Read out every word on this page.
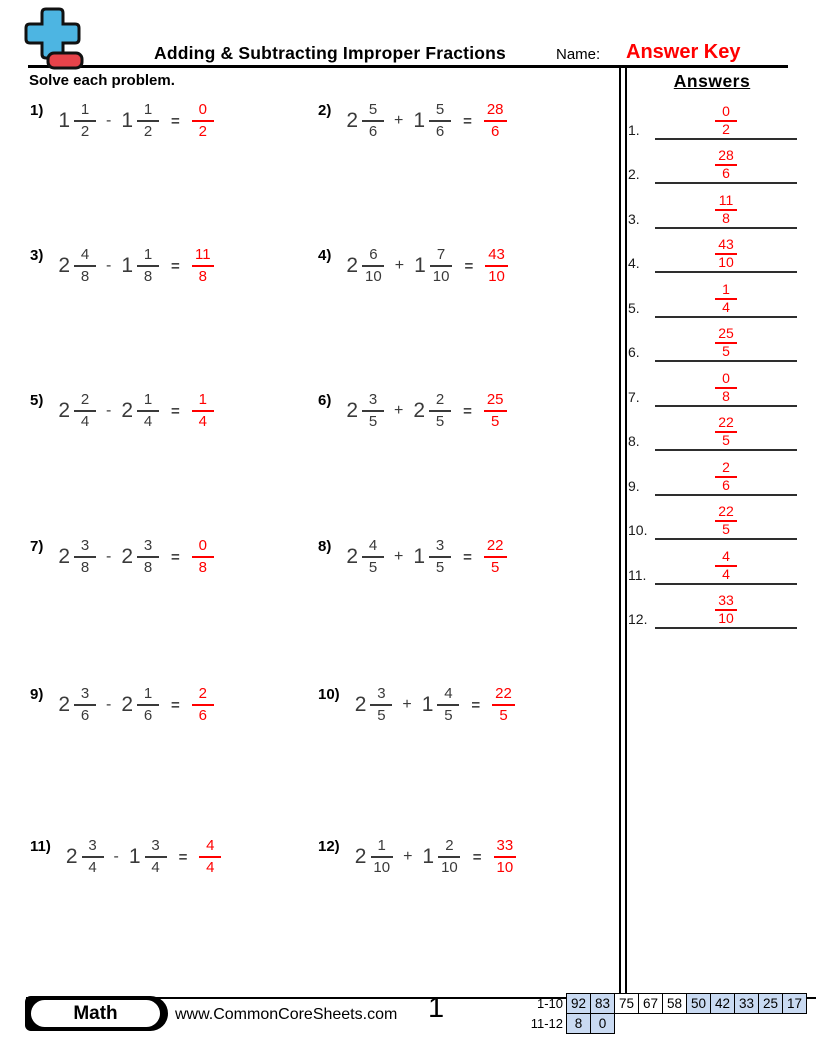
Adding & Subtracting Improper Fractions	Name: Answer Key
Solve each problem.
1) $1 \frac{1}{2} - 1 \frac{1}{2} = \frac{0}{2}$	2) $2 \frac{5}{6} + 1 \frac{5}{6} = \frac{28}{6}$
3) $2 \frac{4}{8} - 1 \frac{1}{8} = \frac{11}{8}$	4) $2 \frac{6}{10} + 1 \frac{7}{10} = \frac{43}{10}$
5) $2 \frac{2}{4} - 2 \frac{1}{4} = \frac{1}{4}$	6) $2 \frac{3}{5} + 2 \frac{2}{5} = \frac{25}{5}$
7) $2 \frac{3}{8} - 2 \frac{3}{8} = \frac{0}{8}$	8) $2 \frac{4}{5} + 1 \frac{3}{5} = \frac{22}{5}$
9) $2 \frac{3}{6} - 2 \frac{1}{6} = \frac{2}{6}$	10) $2 \frac{3}{5} + 1 \frac{4}{5} = \frac{22}{5}$
11) $2 \frac{3}{4} - 1 \frac{3}{4} = \frac{4}{4}$	12) $2 \frac{1}{10} + 1 \frac{2}{10} = \frac{33}{10}$
Answers
1.	$\frac{0}{2}$
2.	$\frac{28}{6}$
3.	$\frac{11}{8}$
4.	$\frac{43}{10}$
5.	$\frac{1}{4}$
6.	$\frac{25}{5}$
7.	$\frac{0}{8}$
8.	$\frac{22}{5}$
9.	$\frac{2}{6}$
10.	$\frac{22}{5}$
11.	$\frac{4}{4}$
12.	$\frac{33}{10}$
Math	www.CommonCoreSheets.com 1	1-10 92 83 75 67 58 50 42 33 25 17
11-12 8	0
